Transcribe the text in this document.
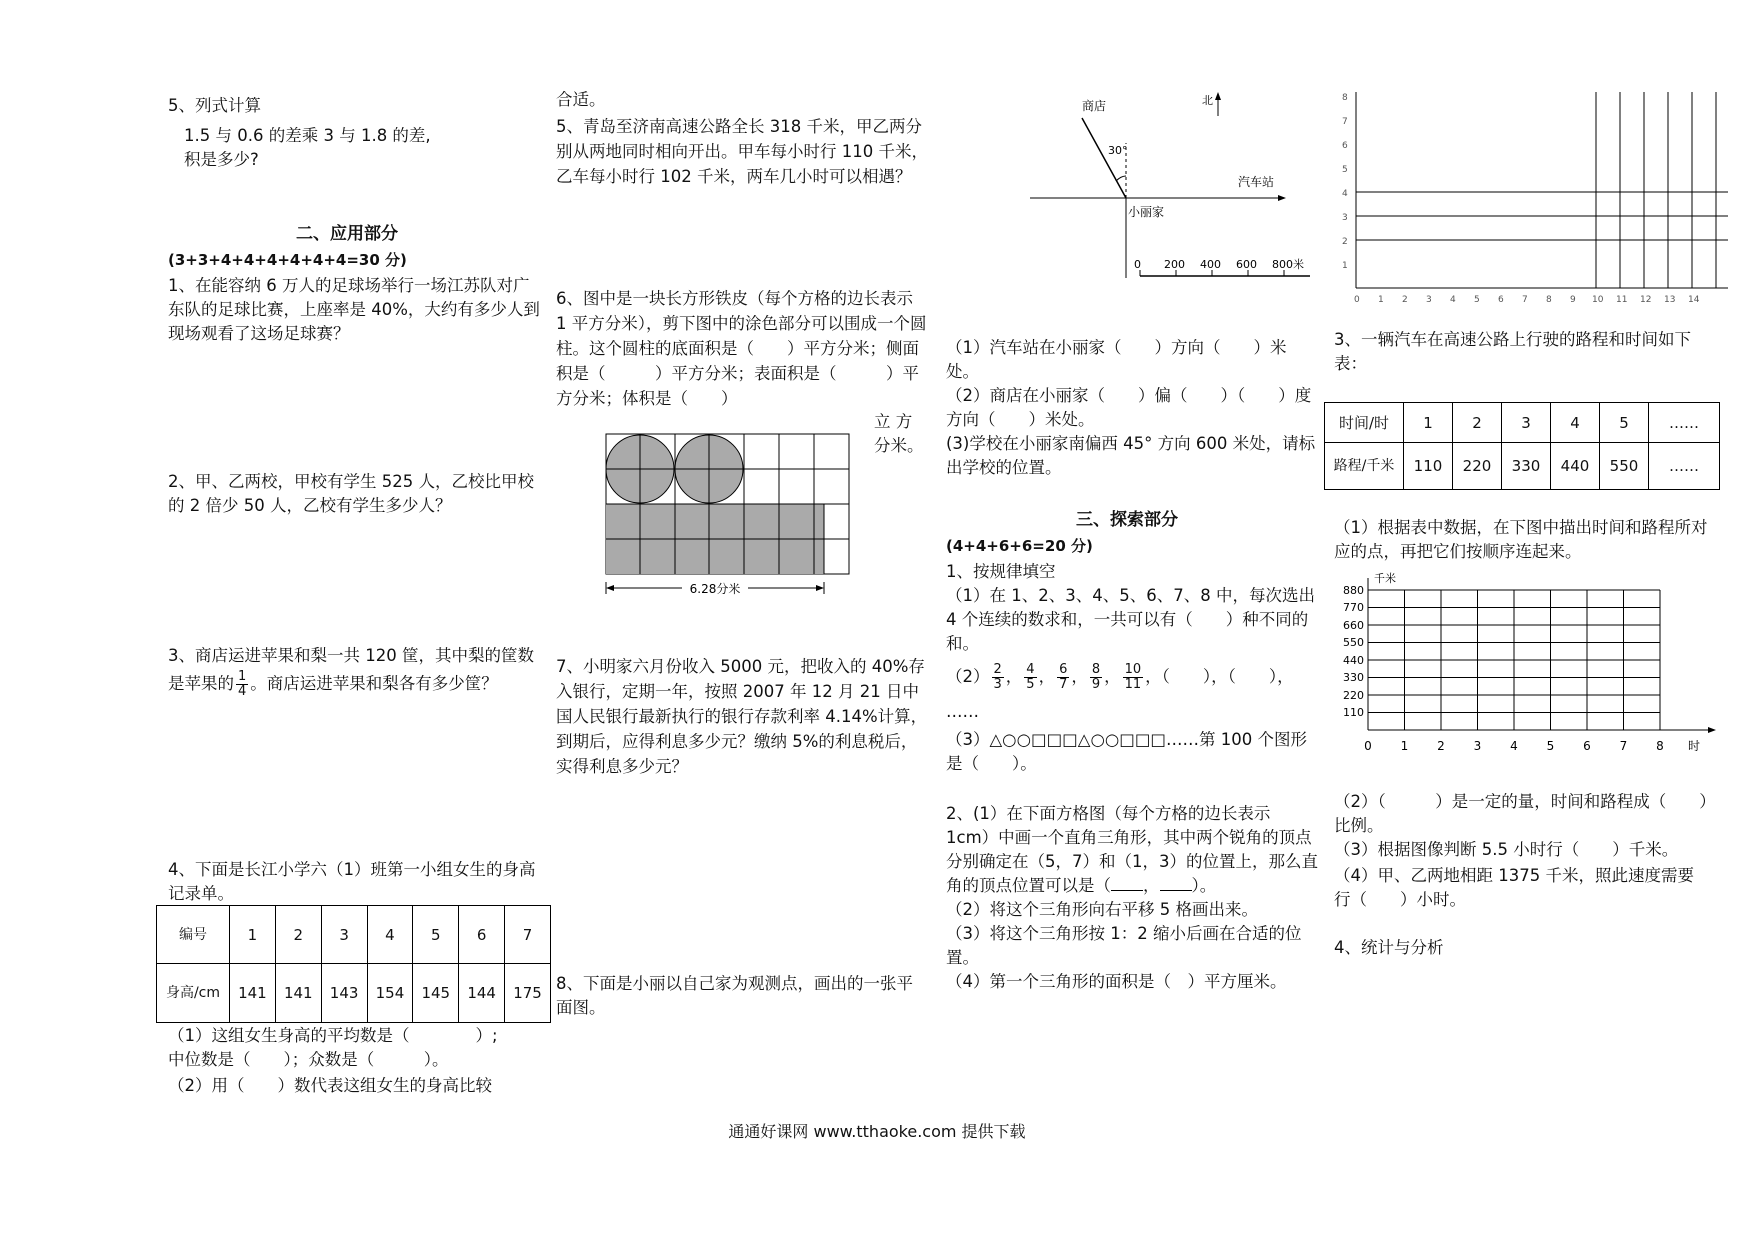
5、列式计算

1.5 与 0.6 的差乘 3 与 1.8 的差,

积是多少?

二、应用部分

(3+3+4+4+4+4+4+4=30 分)

1、在能容纳 6 万人的足球场举行一场江苏队对广东队的足球比赛，上座率是 40%，大约有多少人到现场观看了这场足球赛？

2、甲、乙两校，甲校有学生 525 人，乙校比甲校的 2 倍少 50 人，乙校有学生多少人？

3、商店运进苹果和梨一共 120 筐，其中梨的筐数是苹果的 $\frac{1}{4}$ 。商店运进苹果和梨各有多少筐？

4、下面是长江小学六（1）班第一小组女生的身高记录单。

编号	1	2	3	4	5	6	7
身高/cm	141	141	143	154	145	144	175

（1）这组女生身高的平均数是（　　　　）;

中位数是（　　）；众数是（　　　）。

（2）用（　　）数代表这组女生的身高比较

合适。

5、青岛至济南高速公路全长 318 千米，甲乙两分别从两地同时相向开出。甲车每小时行 110 千米，乙车每小时行 102 千米，两车几小时可以相遇？

6、图中是一块长方形铁皮（每个方格的边长表示 1 平方分米），剪下图中的涂色部分可以围成一个圆柱。这个圆柱的底面积是（　　）平方分米；侧面积是（　　　）平方分米；表面积是（　　　）平方分米；体积是（　　）

立 方

分米。

6.28分米

7、小明家六月份收入 5000 元，把收入的 40%存入银行，定期一年，按照 2007 年 12 月 21 日中国人民银行最新执行的银行存款利率 4.14%计算，到期后，应得利息多少元？缴纳 5%的利息税后，实得利息多少元？

8、下面是小丽以自己家为观测点，画出的一张平面图。

商店
30°
北
汽车站
小丽家
0 200 400 600 800米

（1）汽车站在小丽家（　　）方向（　　）米处。

（2）商店在小丽家（　　）偏（　　）（　　）度方向（　　）米处。

(3)学校在小丽家南偏西 45° 方向 600 米处，请标出学校的位置。

三、探索部分

(4+4+6+6=20 分)

1、按规律填空

（1）在 1、2、3、4、5、6、7、8 中，每次选出 4 个连续的数求和，一共可以有（　　）种不同的和。

$(2) \frac{2}{3}$ ， $\frac{4}{5}$ ， $\frac{6}{7}$ ， $\frac{8}{9}$ ， $\frac{10}{11}$ ，（　　），（　　），

……

（3）△○○□□□△○○□□□……第 100 个图形是（　　）。

2、(1）在下面方格图（每个方格的边长表示 1cm）中画一个直角三角形，其中两个锐角的顶点分别确定在（5，7）和（1，3）的位置上，那么直角的顶点位置可以是（ ， ）。

（2）将这个三角形向右平移 5 格画出来。

（3）将这个三角形按 1：2 缩小后画在合适的位置。

（4）第一个三角形的面积是（　）平方厘米。

8
7
6
5
4
3
2
1
0 1 2 3 4 5 6 7 8 9 10 11 12 13 14

3、一辆汽车在高速公路上行驶的路程和时间如下表：

时间/时	1	2	3	4	5	……
路程/千米	110	220	330	440	550	……

（1）根据表中数据，在下图中描出时间和路程所对应的点，再把它们按顺序连起来。

千米
880
770
660
550
440
330
220
110
0 1 2 3 4 5 6 7 8 时

（2）（　　　）是一定的量，时间和路程成（　　）比例。

（3）根据图像判断 5.5 小时行（　　）千米。

（4）甲、乙两地相距 1375 千米，照此速度需要行（　　）小时。

4、统计与分析

通通好课网 www.tthaoke.com 提供下载
